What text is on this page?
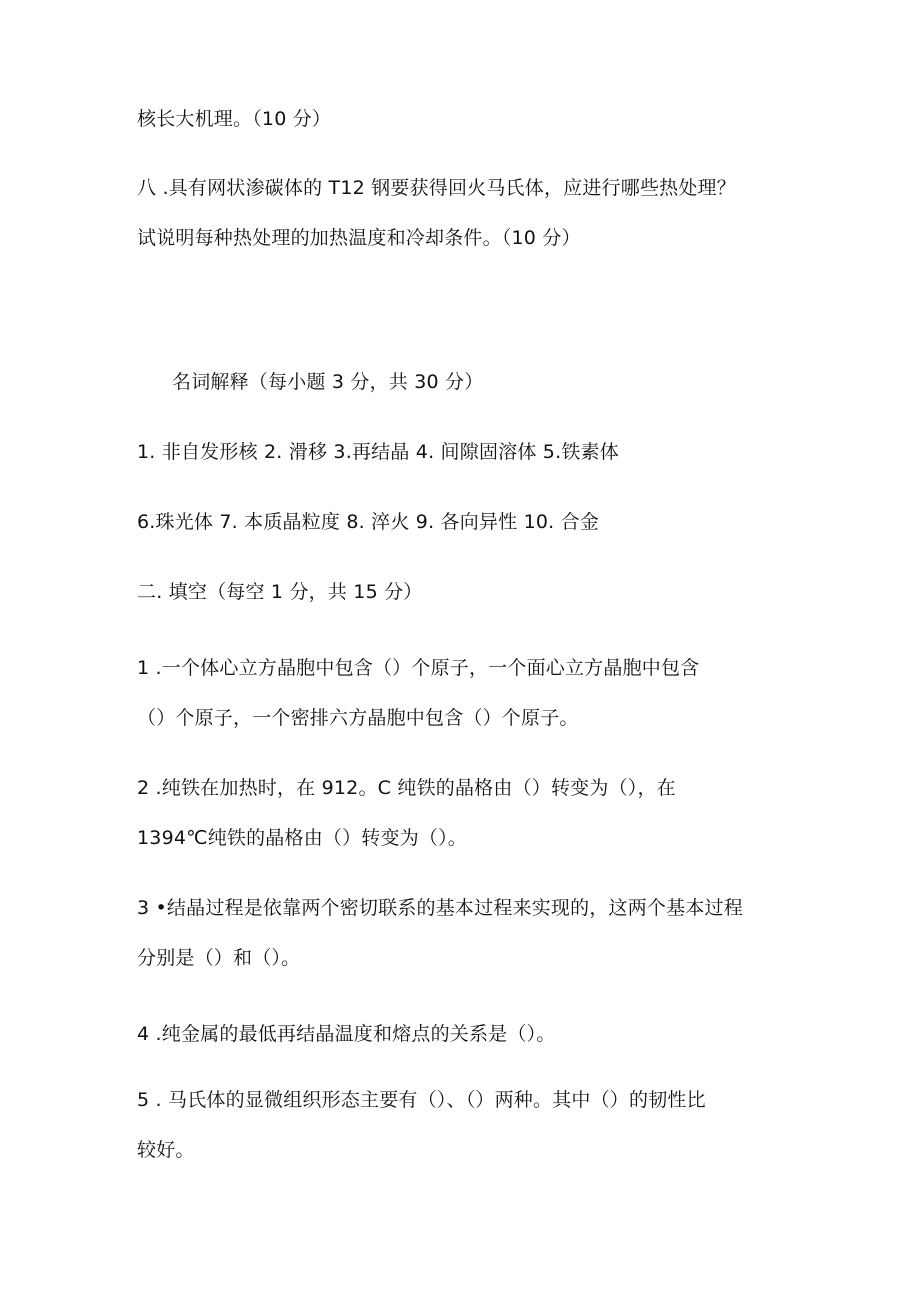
核长大机理。（10 分）
八 .具有网状渗碳体的 T12 钢要获得回火马氏体，应进行哪些热处理？
试说明每种热处理的加热温度和冷却条件。（10 分）
名词解释（每小题 3 分，共 30 分）
1. 非自发形核 2. 滑移 3.再结晶 4. 间隙固溶体 5.铁素体
6.珠光体 7. 本质晶粒度 8. 淬火 9. 各向异性 10. 合金
二. 填空（每空 1 分，共 15 分）
1 .一个体心立方晶胞中包含（）个原子，一个面心立方晶胞中包含
（）个原子，一个密排六方晶胞中包含（）个原子。
2 .纯铁在加热时，在 912。C 纯铁的晶格由（）转变为（），在
1394℃纯铁的晶格由（）转变为（）。
3 •结晶过程是依靠两个密切联系的基本过程来实现的，这两个基本过程
分别是（）和（）。
4 .纯金属的最低再结晶温度和熔点的关系是（）。
5 . 马氏体的显微组织形态主要有（）、（）两种。其中（）的韧性比
较好。
